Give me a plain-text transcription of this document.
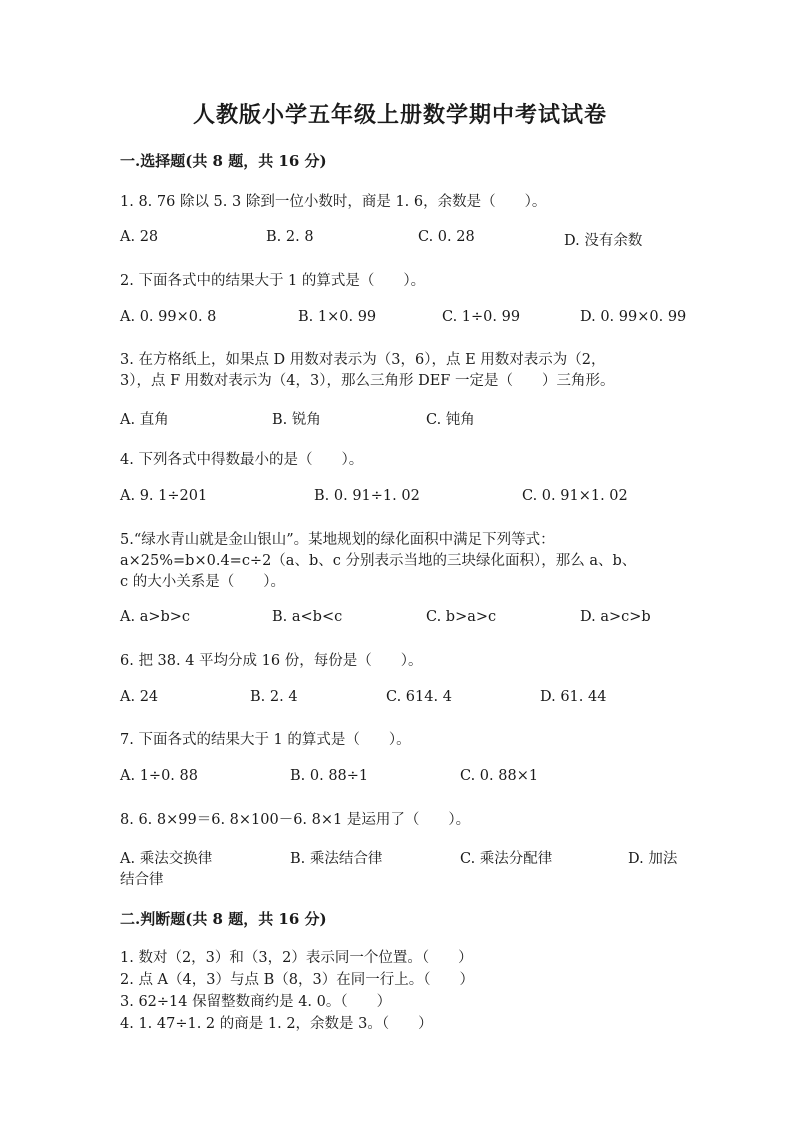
人教版小学五年级上册数学期中考试试卷
一.选择题(共 8 题，共 16 分)
1. 8. 76 除以 5. 3 除到一位小数时，商是 1. 6，余数是（　　）。
A. 28	B. 2. 8	C. 0. 28	D. 没有余数
2. 下面各式中的结果大于 1 的算式是（　　）。
A. 0. 99×0. 8	B. 1×0. 99	C. 1÷0. 99	D. 0. 99×0. 99
3. 在方格纸上，如果点 D 用数对表示为（3，6），点 E 用数对表示为（2，
3），点 F 用数对表示为（4，3），那么三角形 DEF 一定是（　　）三角形。
A. 直角	B. 锐角	C. 钝角
4. 下列各式中得数最小的是（　　）。
A. 9. 1÷201	B. 0. 91÷1. 02	C. 0. 91×1. 02
5.“绿水青山就是金山银山”。某地规划的绿化面积中满足下列等式：
a×25%=b×0.4=c÷2（a、b、c 分别表示当地的三块绿化面积），那么 a、b、
c 的大小关系是（　　）。
A. a>b>c	B. a<b<c	C. b>a>c	D. a>c>b
6. 把 38. 4 平均分成 16 份，每份是（　　）。
A. 24	B. 2. 4	C. 614. 4	D. 61. 44
7. 下面各式的结果大于 1 的算式是（　　）。
A. 1÷0. 88	B. 0. 88÷1	C. 0. 88×1
8. 6. 8×99＝6. 8×100－6. 8×1 是运用了（　　）。
A. 乘法交换律	B. 乘法结合律	C. 乘法分配律	D. 加法
结合律
二.判断题(共 8 题，共 16 分)
1. 数对（2，3）和（3，2）表示同一个位置。（　　）
2. 点 A（4，3）与点 B（8，3）在同一行上。（　　）
3. 62÷14 保留整数商约是 4. 0。（　　）
4. 1. 47÷1. 2 的商是 1. 2，余数是 3。（　　）
